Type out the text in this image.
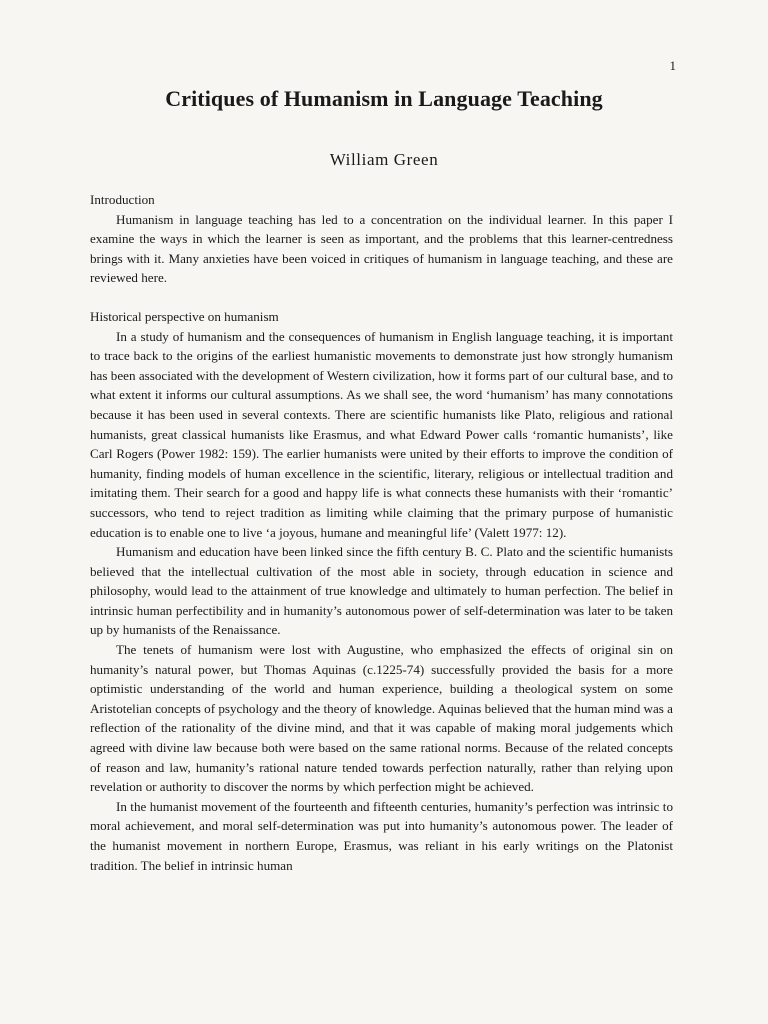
1
Critiques of Humanism in Language Teaching
William Green
Introduction

Humanism in language teaching has led to a concentration on the individual learner. In this paper I examine the ways in which the learner is seen as important, and the problems that this learner-centredness brings with it. Many anxieties have been voiced in critiques of humanism in language teaching, and these are reviewed here.

Historical perspective on humanism

In a study of humanism and the consequences of humanism in English language teaching, it is important to trace back to the origins of the earliest humanistic movements to demonstrate just how strongly humanism has been associated with the development of Western civilization, how it forms part of our cultural base, and to what extent it informs our cultural assumptions. As we shall see, the word ‘humanism’ has many connotations because it has been used in several contexts. There are scientific humanists like Plato, religious and rational humanists, great classical humanists like Erasmus, and what Edward Power calls ‘romantic humanists’, like Carl Rogers (Power 1982: 159). The earlier humanists were united by their efforts to improve the condition of humanity, finding models of human excellence in the scientific, literary, religious or intellectual tradition and imitating them. Their search for a good and happy life is what connects these humanists with their ‘romantic’ successors, who tend to reject tradition as limiting while claiming that the primary purpose of humanistic education is to enable one to live ‘a joyous, humane and meaningful life’ (Valett 1977: 12).

Humanism and education have been linked since the fifth century B. C. Plato and the scientific humanists believed that the intellectual cultivation of the most able in society, through education in science and philosophy, would lead to the attainment of true knowledge and ultimately to human perfection. The belief in intrinsic human perfectibility and in humanity’s autonomous power of self-determination was later to be taken up by humanists of the Renaissance.

The tenets of humanism were lost with Augustine, who emphasized the effects of original sin on humanity’s natural power, but Thomas Aquinas (c.1225-74) successfully provided the basis for a more optimistic understanding of the world and human experience, building a theological system on some Aristotelian concepts of psychology and the theory of knowledge. Aquinas believed that the human mind was a reflection of the rationality of the divine mind, and that it was capable of making moral judgements which agreed with divine law because both were based on the same rational norms. Because of the related concepts of reason and law, humanity’s rational nature tended towards perfection naturally, rather than relying upon revelation or authority to discover the norms by which perfection might be achieved.

In the humanist movement of the fourteenth and fifteenth centuries, humanity’s perfection was intrinsic to moral achievement, and moral self-determination was put into humanity’s autonomous power. The leader of the humanist movement in northern Europe, Erasmus, was reliant in his early writings on the Platonist tradition. The belief in intrinsic human
